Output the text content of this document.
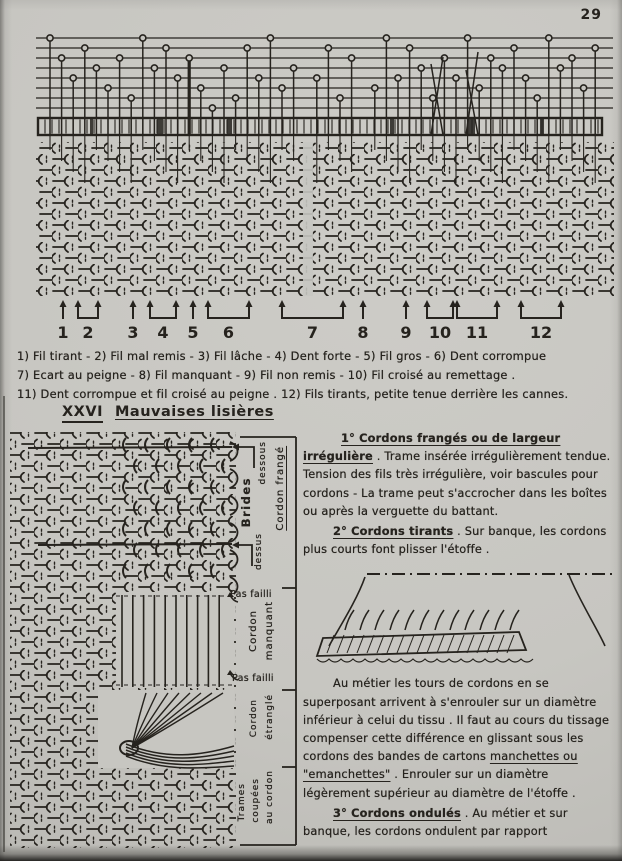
29
1 2 3 4 5 6	7 8 9 10 11	12
1) Fil tirant - 2) Fil mal remis - 3) Fil lâche - 4) Dent forte - 5) Fil gros - 6) Dent corrompue
7) Ecart au peigne - 8) Fil manquant - 9) Fil non remis - 10) Fil croisé au remettage .
11) Dent corrompue et fil croisé au peigne . 12) Fils tirants, petite tenue derrière les cannes.
XXVI Mauvaises lisières
dessous
Brides
dessus
Cordon frangé
Pas failli
Cordon manquant
Pas failli
Cordon étranglé
Trames coupées au cordon
1° Cordons frangés ou de largeur
irrégulière . Trame insérée irrégulièrement tendue. Tension des fils très irrégulière, voir bascules pour cordons - La trame peut s'accrocher dans les boîtes ou après la verguette du battant.
2° Cordons tirants . Sur banque, les cordons plus courts font plisser l'étoffe .
Au métier les tours de cordons en se superposant arrivent à s'enrouler sur un diamètre inférieur à celui du tissu . Il faut au cours du tissage compenser cette différence en glissant sous les cordons des bandes de cartons manchettes ou "emanchettes" . Enrouler sur un diamètre légèrement supérieur au diamètre de l'étoffe .
3° Cordons ondulés . Au métier et sur banque, les cordons ondulent par rapport
